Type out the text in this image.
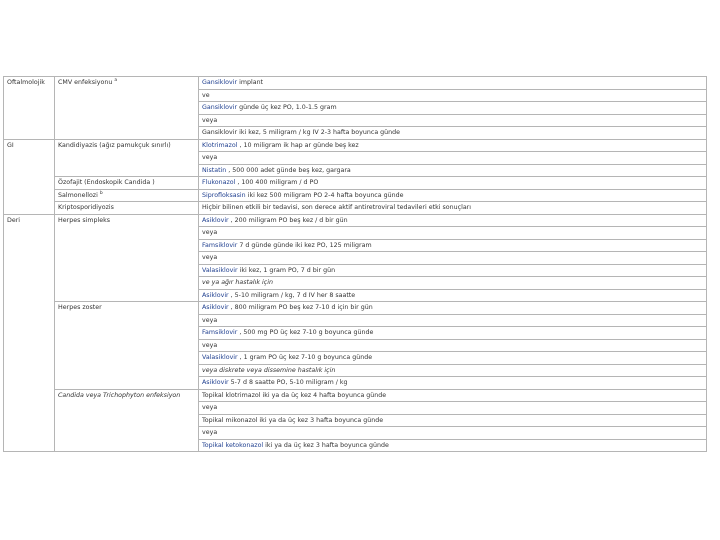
Oftalmolojik	CMV enfeksiyonu $^a$	Gansiklovir implant
		ve
		Gansiklovir günde üç kez PO, 1.0-1.5 gram
		veya
		Gansiklovir iki kez, 5 miligram / kg IV 2-3 hafta boyunca günde
GI	Kandidiyazis (ağız pamukçuk sınırlı)	Klotrimazol , 10 miligram ik hap ar günde beş kez
		veya
		Nistatin , 500 000 adet günde beş kez, gargara
	Özofajit (Endoskopik Candida )	Flukonazol , 100 400 miligram / d PO
	Salmonellozi $^b$	Siprofloksasin iki kez 500 miligram PO 2-4 hafta boyunca günde
	Kriptosporidiyozis	Hiçbir bilinen etkili bir tedavisi, son derece aktif antiretroviral tedavileri etki sonuçları
Deri	Herpes simpleks	Asiklovir , 200 miligram PO beş kez / d bir gün
		veya
		Famsiklovir 7 d günde günde iki kez PO, 125 miligram
		veya
		Valasiklovir iki kez, 1 gram PO, 7 d bir gün
		ve ya ağır hastalık için
		Asiklovir , 5-10 miligram / kg, 7 d IV her 8 saatte
	Herpes zoster	Asiklovir , 800 miligram PO beş kez 7-10 d için bir gün
		veya
		Famsiklovir , 500 mg PO üç kez 7-10 g boyunca günde
		veya
		Valasiklovir , 1 gram PO üç kez 7-10 g boyunca günde
		veya diskrete veya dissemine hastalık için
		Asiklovir 5-7 d 8 saatte PO, 5-10 miligram / kg
	Candida veya Trichophyton enfeksiyon	Topikal klotrimazol iki ya da üç kez 4 hafta boyunca günde
		veya
		Topikal mikonazol iki ya da üç kez 3 hafta boyunca günde
		veya
		Topikal ketokonazol iki ya da üç kez 3 hafta boyunca günde
